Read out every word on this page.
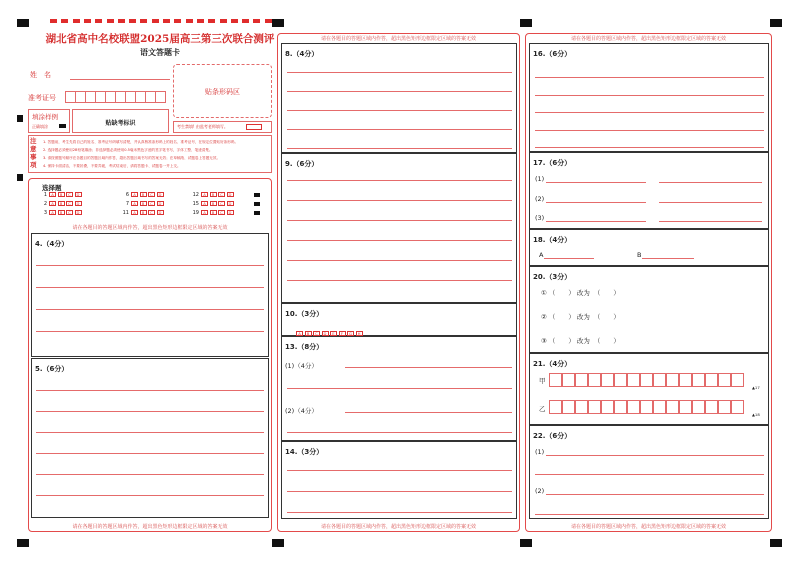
湖北省高中名校联盟2025届高三第三次联合测评
语文答题卡
姓　名
准考证号
贴条形码区
填涂样例
正确填涂	贴缺考标识	考生禁填! 由监考老师填写。
注意事项
1. 答题前，考生先将自己的姓名、准考证号码填写清楚，并认真核准条形码上的姓名、准考证号，在规定位置贴好条形码。
2. 选择题必须使用2B铅笔填涂；非选择题必须使用0.5毫米黑色字迹的签字笔书写，字体工整、笔迹清楚。
3. 请按照题号顺序在各题目的答题区域内作答，超出答题区域书写的答案无效；在草稿纸、试题卷上答题无效。
4. 保持卡面清洁，不要折叠，不要弄破，考试结束后，请将答题卡、试题卷一并上交。
选择题
1 A B C D
2 A B C D
3 A B C D
6 A B C D
7 A B C D
11 A B C D
12 A B C D
15 A B C D
19 A B C D
请在各题目的答题区域内作答，超出黑色矩形边框限定区域的答案无效
4.（4分）
5.（6分）
请在各题目的答题区域内作答，超出黑色矩形边框限定区域的答案无效
请在各题目的答题区域内作答，超出黑色矩形边框限定区域的答案无效
8.（4分）
9.（6分）
10.（3分）
A B C D E F G H
13.（8分）
(1)（4分）
(2)（4分）
14.（3分）
请在各题目的答题区域内作答，超出黑色矩形边框限定区域的答案无效
请在各题目的答题区域内作答，超出黑色矩形边框限定区域的答案无效
16.（6分）
17.（6分）
(1)
(2)
(3)
18.（4分）
A	B
20.（3分）
① （　　） 改为 （　　）
② （　　） 改为 （　　）
③ （　　） 改为 （　　）
21.（4分）
甲
乙
▲17
▲18
22.（6分）
(1)
(2)
请在各题目的答题区域内作答，超出黑色矩形边框限定区域的答案无效
